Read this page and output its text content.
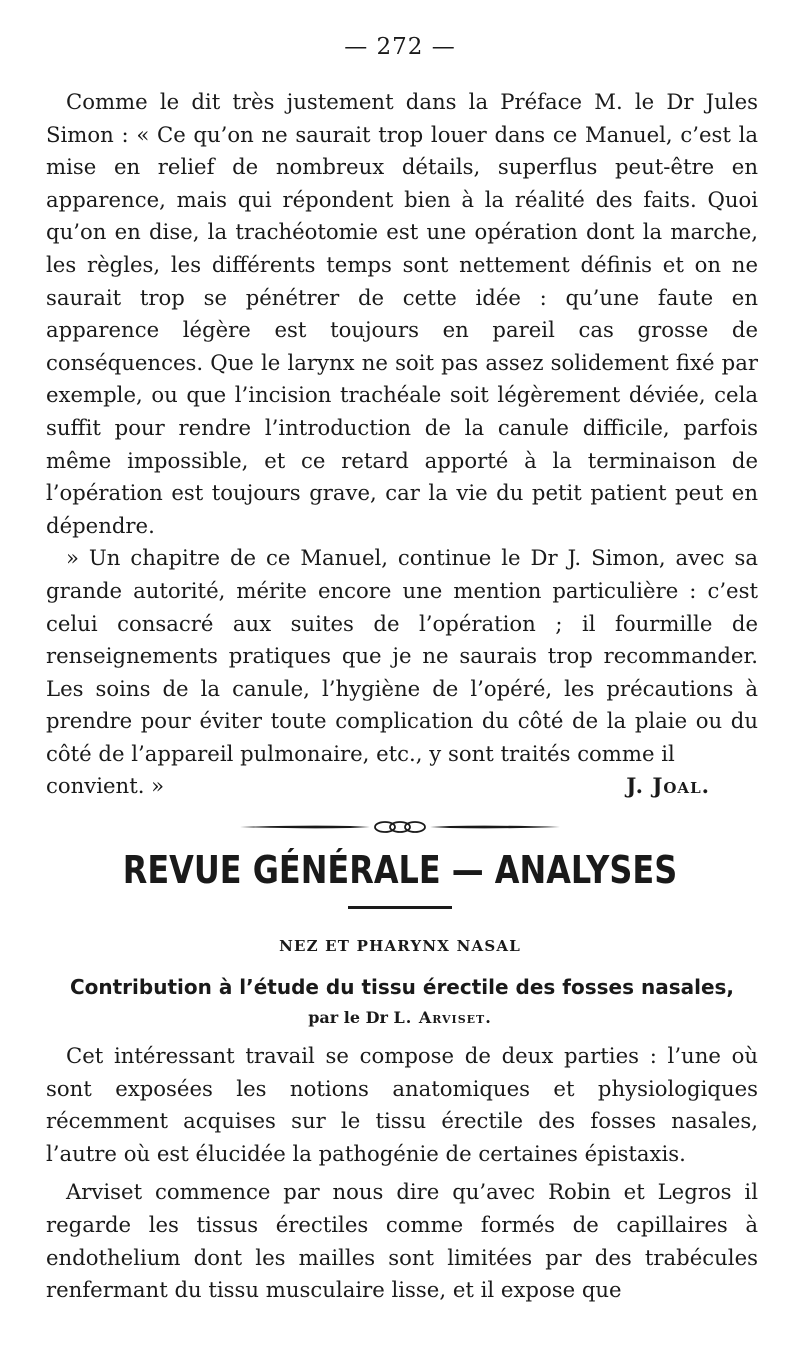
— 272 —

Comme le dit très justement dans la Préface M. le Dr Jules Simon : « Ce qu’on ne saurait trop louer dans ce Manuel, c’est la mise en relief de nombreux détails, superflus peut-être en apparence, mais qui répondent bien à la réalité des faits. Quoi qu’on en dise, la trachéotomie est une opération dont la marche, les règles, les différents temps sont nettement définis et on ne saurait trop se pénétrer de cette idée : qu’une faute en apparence légère est toujours en pareil cas grosse de conséquences. Que le larynx ne soit pas assez solidement fixé par exemple, ou que l’incision trachéale soit légèrement déviée, cela suffit pour rendre l’introduction de la canule difficile, parfois même impossible, et ce retard apporté à la terminaison de l’opération est toujours grave, car la vie du petit patient peut en dépendre.

» Un chapitre de ce Manuel, continue le Dr J. Simon, avec sa grande autorité, mérite encore une mention particulière : c’est celui consacré aux suites de l’opération ; il fourmille de renseignements pratiques que je ne saurais trop recommander. Les soins de la canule, l’hygiène de l’opéré, les précautions à prendre pour éviter toute complication du côté de la plaie ou du côté de l’appareil pulmonaire, etc., y sont traités comme il

convient. »	J. Joal.
REVUE GÉNÉRALE — ANALYSES
NEZ ET PHARYNX NASAL
Contribution à l’étude du tissu érectile des fosses nasales,
par le Dr L. Arviset.

Cet intéressant travail se compose de deux parties : l’une où sont exposées les notions anatomiques et physiologiques récemment acquises sur le tissu érectile des fosses nasales, l’autre où est élucidée la pathogénie de certaines épistaxis.

Arviset commence par nous dire qu’avec Robin et Legros il regarde les tissus érectiles comme formés de capillaires à endothelium dont les mailles sont limitées par des trabécules renfermant du tissu musculaire lisse, et il expose que
